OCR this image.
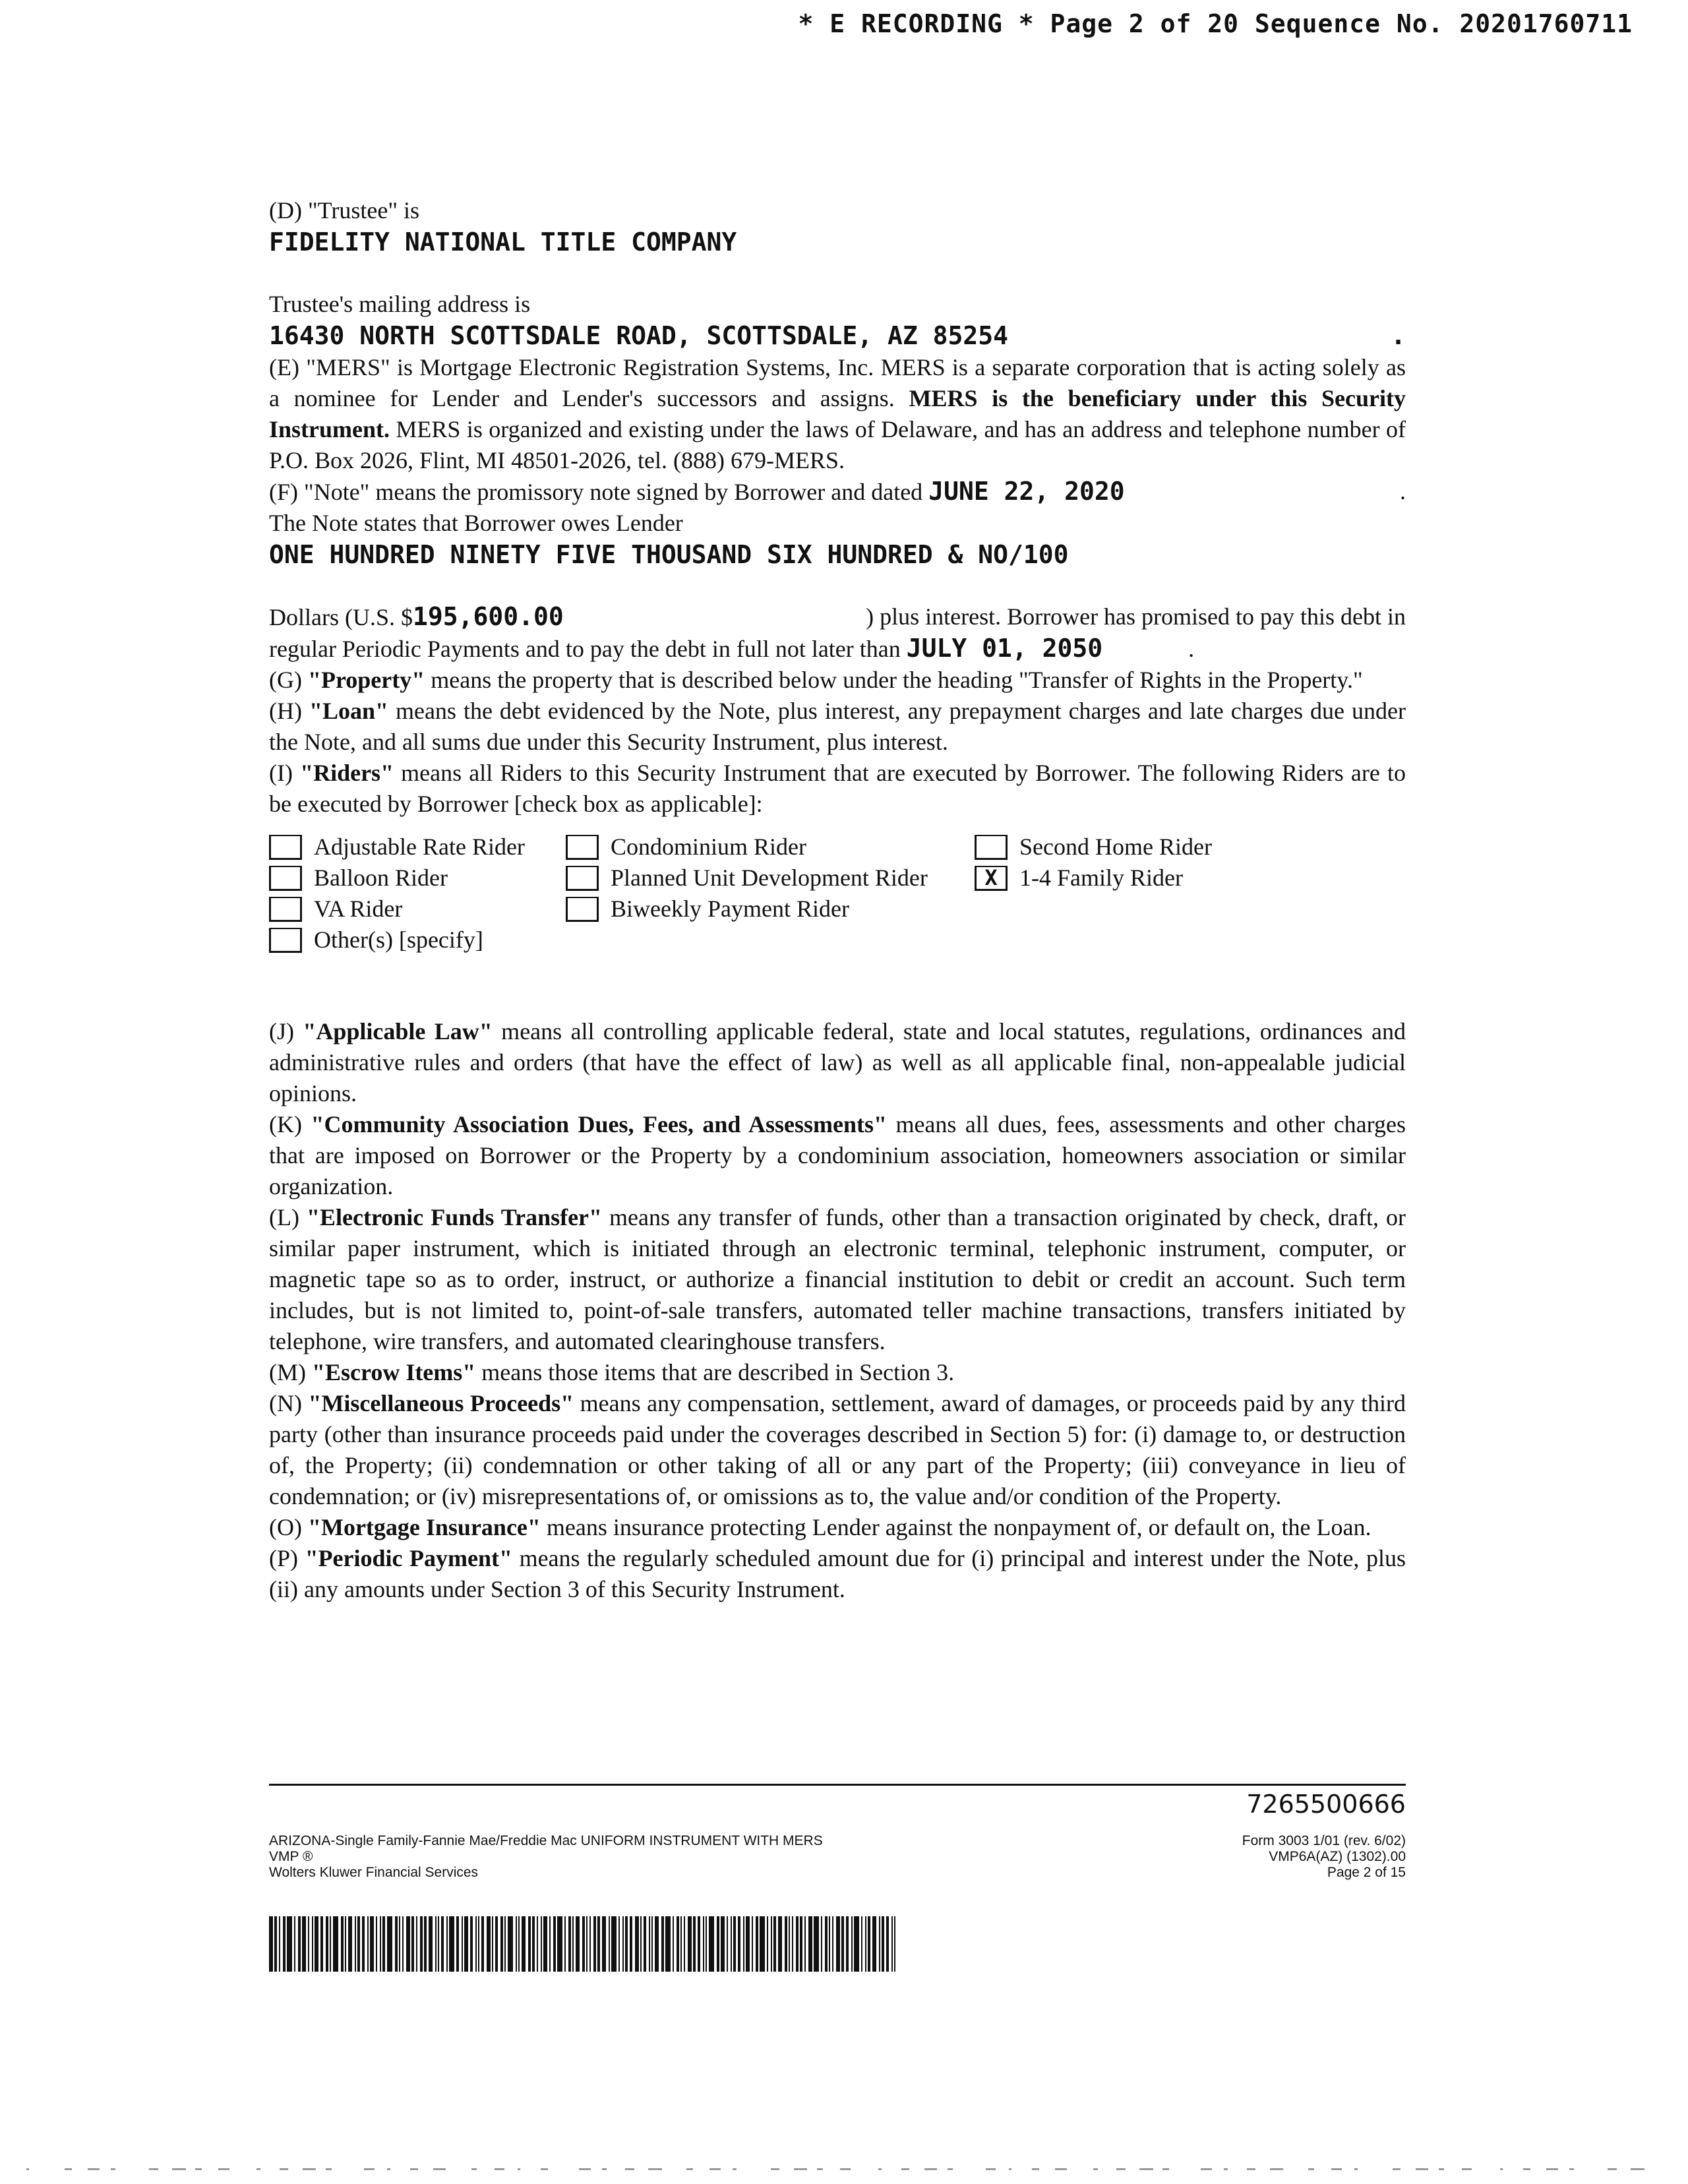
* E RECORDING * Page 2 of 20 Sequence No. 20201760711
(D) "Trustee" is
FIDELITY NATIONAL TITLE COMPANY
Trustee's mailing address is
16430 NORTH SCOTTSDALE ROAD, SCOTTSDALE, AZ 85254	.

(E) "MERS" is Mortgage Electronic Registration Systems, Inc. MERS is a separate corporation that is acting solely as a nominee for Lender and Lender's successors and assigns. MERS is the beneficiary under this Security Instrument. MERS is organized and existing under the laws of Delaware, and has an address and telephone number of P.O. Box 2026, Flint, MI 48501-2026, tel. (888) 679-MERS.

(F) "Note" means the promissory note signed by Borrower and dated JUNE 22, 2020	.
The Note states that Borrower owes Lender
ONE HUNDRED NINETY FIVE THOUSAND SIX HUNDRED & NO/100
Dollars (U.S. $195,600.00	) plus interest. Borrower has promised to pay this debt in
regular Periodic Payments and to pay the debt in full not later than JULY 01, 2050	.

(G) "Property" means the property that is described below under the heading "Transfer of Rights in the Property."

(H) "Loan" means the debt evidenced by the Note, plus interest, any prepayment charges and late charges due under the Note, and all sums due under this Security Instrument, plus interest.

(I) "Riders" means all Riders to this Security Instrument that are executed by Borrower. The following Riders are to be executed by Borrower [check box as applicable]:

Adjustable Rate Rider	Condominium Rider	Second Home Rider
Balloon Rider	Planned Unit Development Rider	X 1-4 Family Rider
VA Rider	Biweekly Payment Rider
Other(s) [specify]

(J) "Applicable Law" means all controlling applicable federal, state and local statutes, regulations, ordinances and administrative rules and orders (that have the effect of law) as well as all applicable final, non-appealable judicial opinions.

(K) "Community Association Dues, Fees, and Assessments" means all dues, fees, assessments and other charges that are imposed on Borrower or the Property by a condominium association, homeowners association or similar organization.

(L) "Electronic Funds Transfer" means any transfer of funds, other than a transaction originated by check, draft, or similar paper instrument, which is initiated through an electronic terminal, telephonic instrument, computer, or magnetic tape so as to order, instruct, or authorize a financial institution to debit or credit an account. Such term includes, but is not limited to, point-of-sale transfers, automated teller machine transactions, transfers initiated by telephone, wire transfers, and automated clearinghouse transfers.

(M) "Escrow Items" means those items that are described in Section 3.

(N) "Miscellaneous Proceeds" means any compensation, settlement, award of damages, or proceeds paid by any third party (other than insurance proceeds paid under the coverages described in Section 5) for: (i) damage to, or destruction of, the Property; (ii) condemnation or other taking of all or any part of the Property; (iii) conveyance in lieu of condemnation; or (iv) misrepresentations of, or omissions as to, the value and/or condition of the Property.

(O) "Mortgage Insurance" means insurance protecting Lender against the nonpayment of, or default on, the Loan.

(P) "Periodic Payment" means the regularly scheduled amount due for (i) principal and interest under the Note, plus (ii) any amounts under Section 3 of this Security Instrument.

7265500666
ARIZONA-Single Family-Fannie Mae/Freddie Mac UNIFORM INSTRUMENT WITH MERS
VMP ®
Wolters Kluwer Financial Services
Form 3003 1/01 (rev. 6/02)
VMP6A(AZ) (1302).00
Page 2 of 15
